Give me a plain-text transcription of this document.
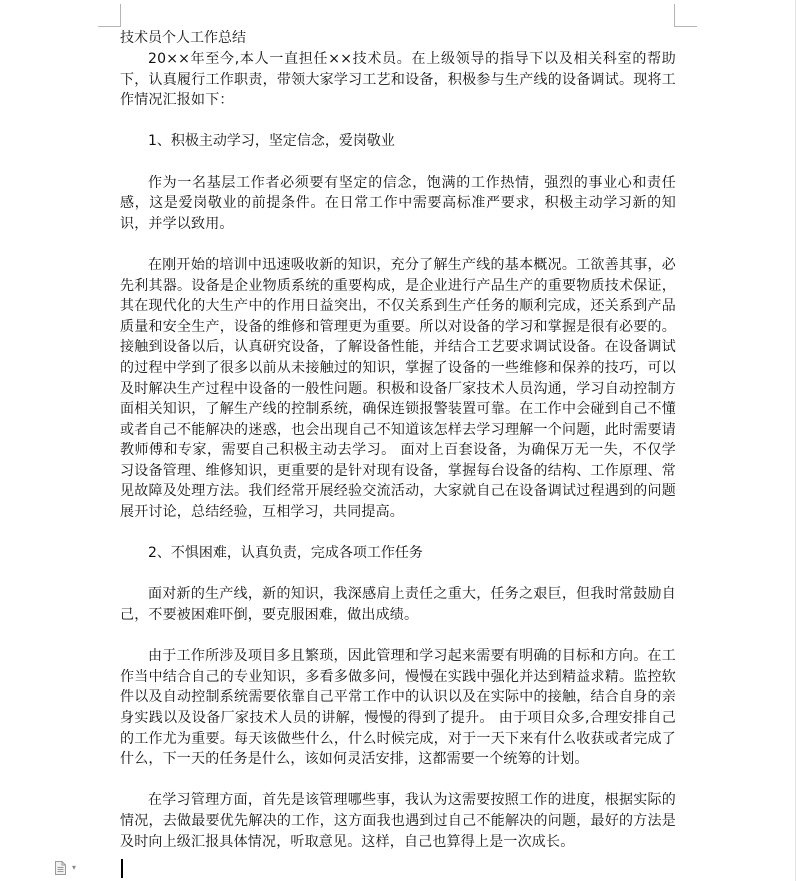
技术员个人工作总结

20××年至今,本人一直担任××技术员。在上级领导的指导下以及相关科室的帮助下，认真履行工作职责，带领大家学习工艺和设备，积极参与生产线的设备调试。现将工作情况汇报如下：

1、积极主动学习，坚定信念，爱岗敬业

作为一名基层工作者必须要有坚定的信念，饱满的工作热情，强烈的事业心和责任感，这是爱岗敬业的前提条件。在日常工作中需要高标准严要求，积极主动学习新的知识，并学以致用。

在刚开始的培训中迅速吸收新的知识，充分了解生产线的基本概况。工欲善其事，必先利其器。设备是企业物质系统的重要构成，是企业进行产品生产的重要物质技术保证，其在现代化的大生产中的作用日益突出，不仅关系到生产任务的顺利完成，还关系到产品质量和安全生产，设备的维修和管理更为重要。所以对设备的学习和掌握是很有必要的。接触到设备以后，认真研究设备，了解设备性能，并结合工艺要求调试设备。在设备调试的过程中学到了很多以前从未接触过的知识，掌握了设备的一些维修和保养的技巧，可以及时解决生产过程中设备的一般性问题。积极和设备厂家技术人员沟通，学习自动控制方面相关知识，了解生产线的控制系统，确保连锁报警装置可靠。在工作中会碰到自己不懂或者自己不能解决的迷惑，也会出现自己不知道该怎样去学习理解一个问题，此时需要请教师傅和专家，需要自己积极主动去学习。 面对上百套设备，为确保万无一失，不仅学习设备管理、维修知识，更重要的是针对现有设备，掌握每台设备的结构、工作原理、常见故障及处理方法。我们经常开展经验交流活动，大家就自己在设备调试过程遇到的问题展开讨论，总结经验，互相学习，共同提高。

2、不惧困难，认真负责，完成各项工作任务

面对新的生产线，新的知识，我深感肩上责任之重大，任务之艰巨，但我时常鼓励自己，不要被困难吓倒，要克服困难，做出成绩。

由于工作所涉及项目多且繁琐，因此管理和学习起来需要有明确的目标和方向。在工作当中结合自己的专业知识，多看多做多问，慢慢在实践中强化并达到精益求精。监控软件以及自动控制系统需要依靠自己平常工作中的认识以及在实际中的接触，结合自身的亲身实践以及设备厂家技术人员的讲解，慢慢的得到了提升。 由于项目众多,合理安排自己的工作尤为重要。每天该做些什么，什么时候完成，对于一天下来有什么收获或者完成了什么，下一天的任务是什么，该如何灵活安排，这都需要一个统筹的计划。

在学习管理方面，首先是该管理哪些事，我认为这需要按照工作的进度，根据实际的情况，去做最要优先解决的工作，这方面我也遇到过自己不能解决的问题，最好的方法是及时向上级汇报具体情况，听取意见。这样，自己也算得上是一次成长。

▾
